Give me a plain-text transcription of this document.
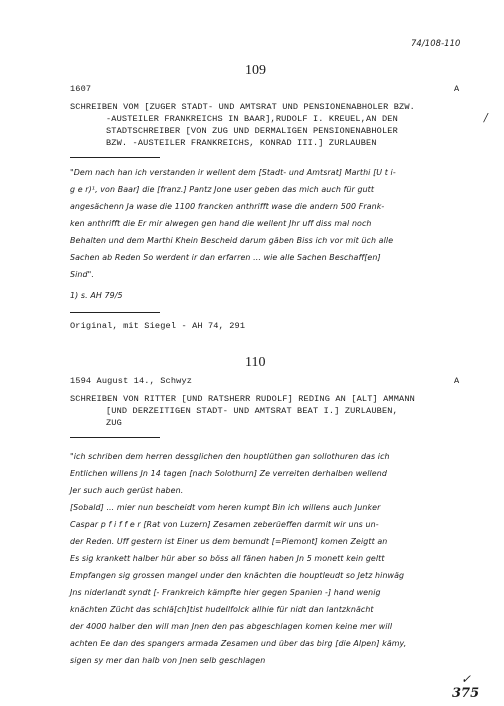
74/108-110
109
1607	A
SCHREIBEN VOM [ZUGER STADT- UND AMTSRAT UND PENSIONENABHOLER BZW.
-AUSTEILER FRANKREICHS IN BAAR],RUDOLF I. KREUEL,AN DEN
STADTSCHREIBER [VON ZUG UND DERMALIGEN PENSIONENABHOLER
BZW. -AUSTEILER FRANKREICHS, KONRAD III.] ZURLAUBEN
/
"Dem nach han ich verstanden ir wellent dem [Stadt- und Amtsrat] Marthi [U t i-
g e r)¹, von Baar] die [franz.] Pantz Jone user geben das mich auch für gutt
angesächenn Ja wase die 1100 francken anthrifft wase die andern 500 Frank-
ken anthrifft die Er mir alwegen gen hand die wellent Jhr uff diss mal noch
Behalten und dem Marthi Khein Bescheid darum gäben Biss ich vor mit üch alle
Sachen ab Reden So werdent ir dan erfarren ... wie alle Sachen Beschaff[en]
Sind".
1) s. AH 79/5
Original, mit Siegel - AH 74, 291
110
1594 August 14., Schwyz	A
SCHREIBEN VON RITTER [UND RATSHERR RUDOLF] REDING AN [ALT] AMMANN
[UND DERZEITIGEN STADT- UND AMTSRAT BEAT I.] ZURLAUBEN,
ZUG
"ich schriben dem herren dessglichen den houptlüthen gan sollothuren das ich
Entlichen willens Jn 14 tagen [nach Solothurn] Ze verreiten derhalben wellend
Jer such auch gerüst haben.
[Sobald] ... mier nun bescheidt vom heren kumpt Bin ich willens auch Junker
Caspar p f i f f e r [Rat von Luzern] Zesamen zeberüeffen darmit wir uns un-
der Reden. Uff gestern ist Einer us dem bemundt [=Piemont] komen Zeigtt an
Es sig krankett halber hür aber so böss all fänen haben Jn 5 monett kein geltt
Empfangen sig grossen mangel under den knächten die houptleudt so Jetz hinwäg
Jns niderlandt syndt [- Frankreich kämpfte hier gegen Spanien -] hand wenig
knächten Züсht das schlä[ch]tist hudellfolck allhie für nidt dan lantzknächt
der 4000 halber den will man Jnen den pas abgeschlagen komen keine mer will
achten Ee dan des spangers armada Zesamen und über das birg [die Alpen] kämy,
sigen sy mer dan halb von Jnen selb geschlagen
✓
375
